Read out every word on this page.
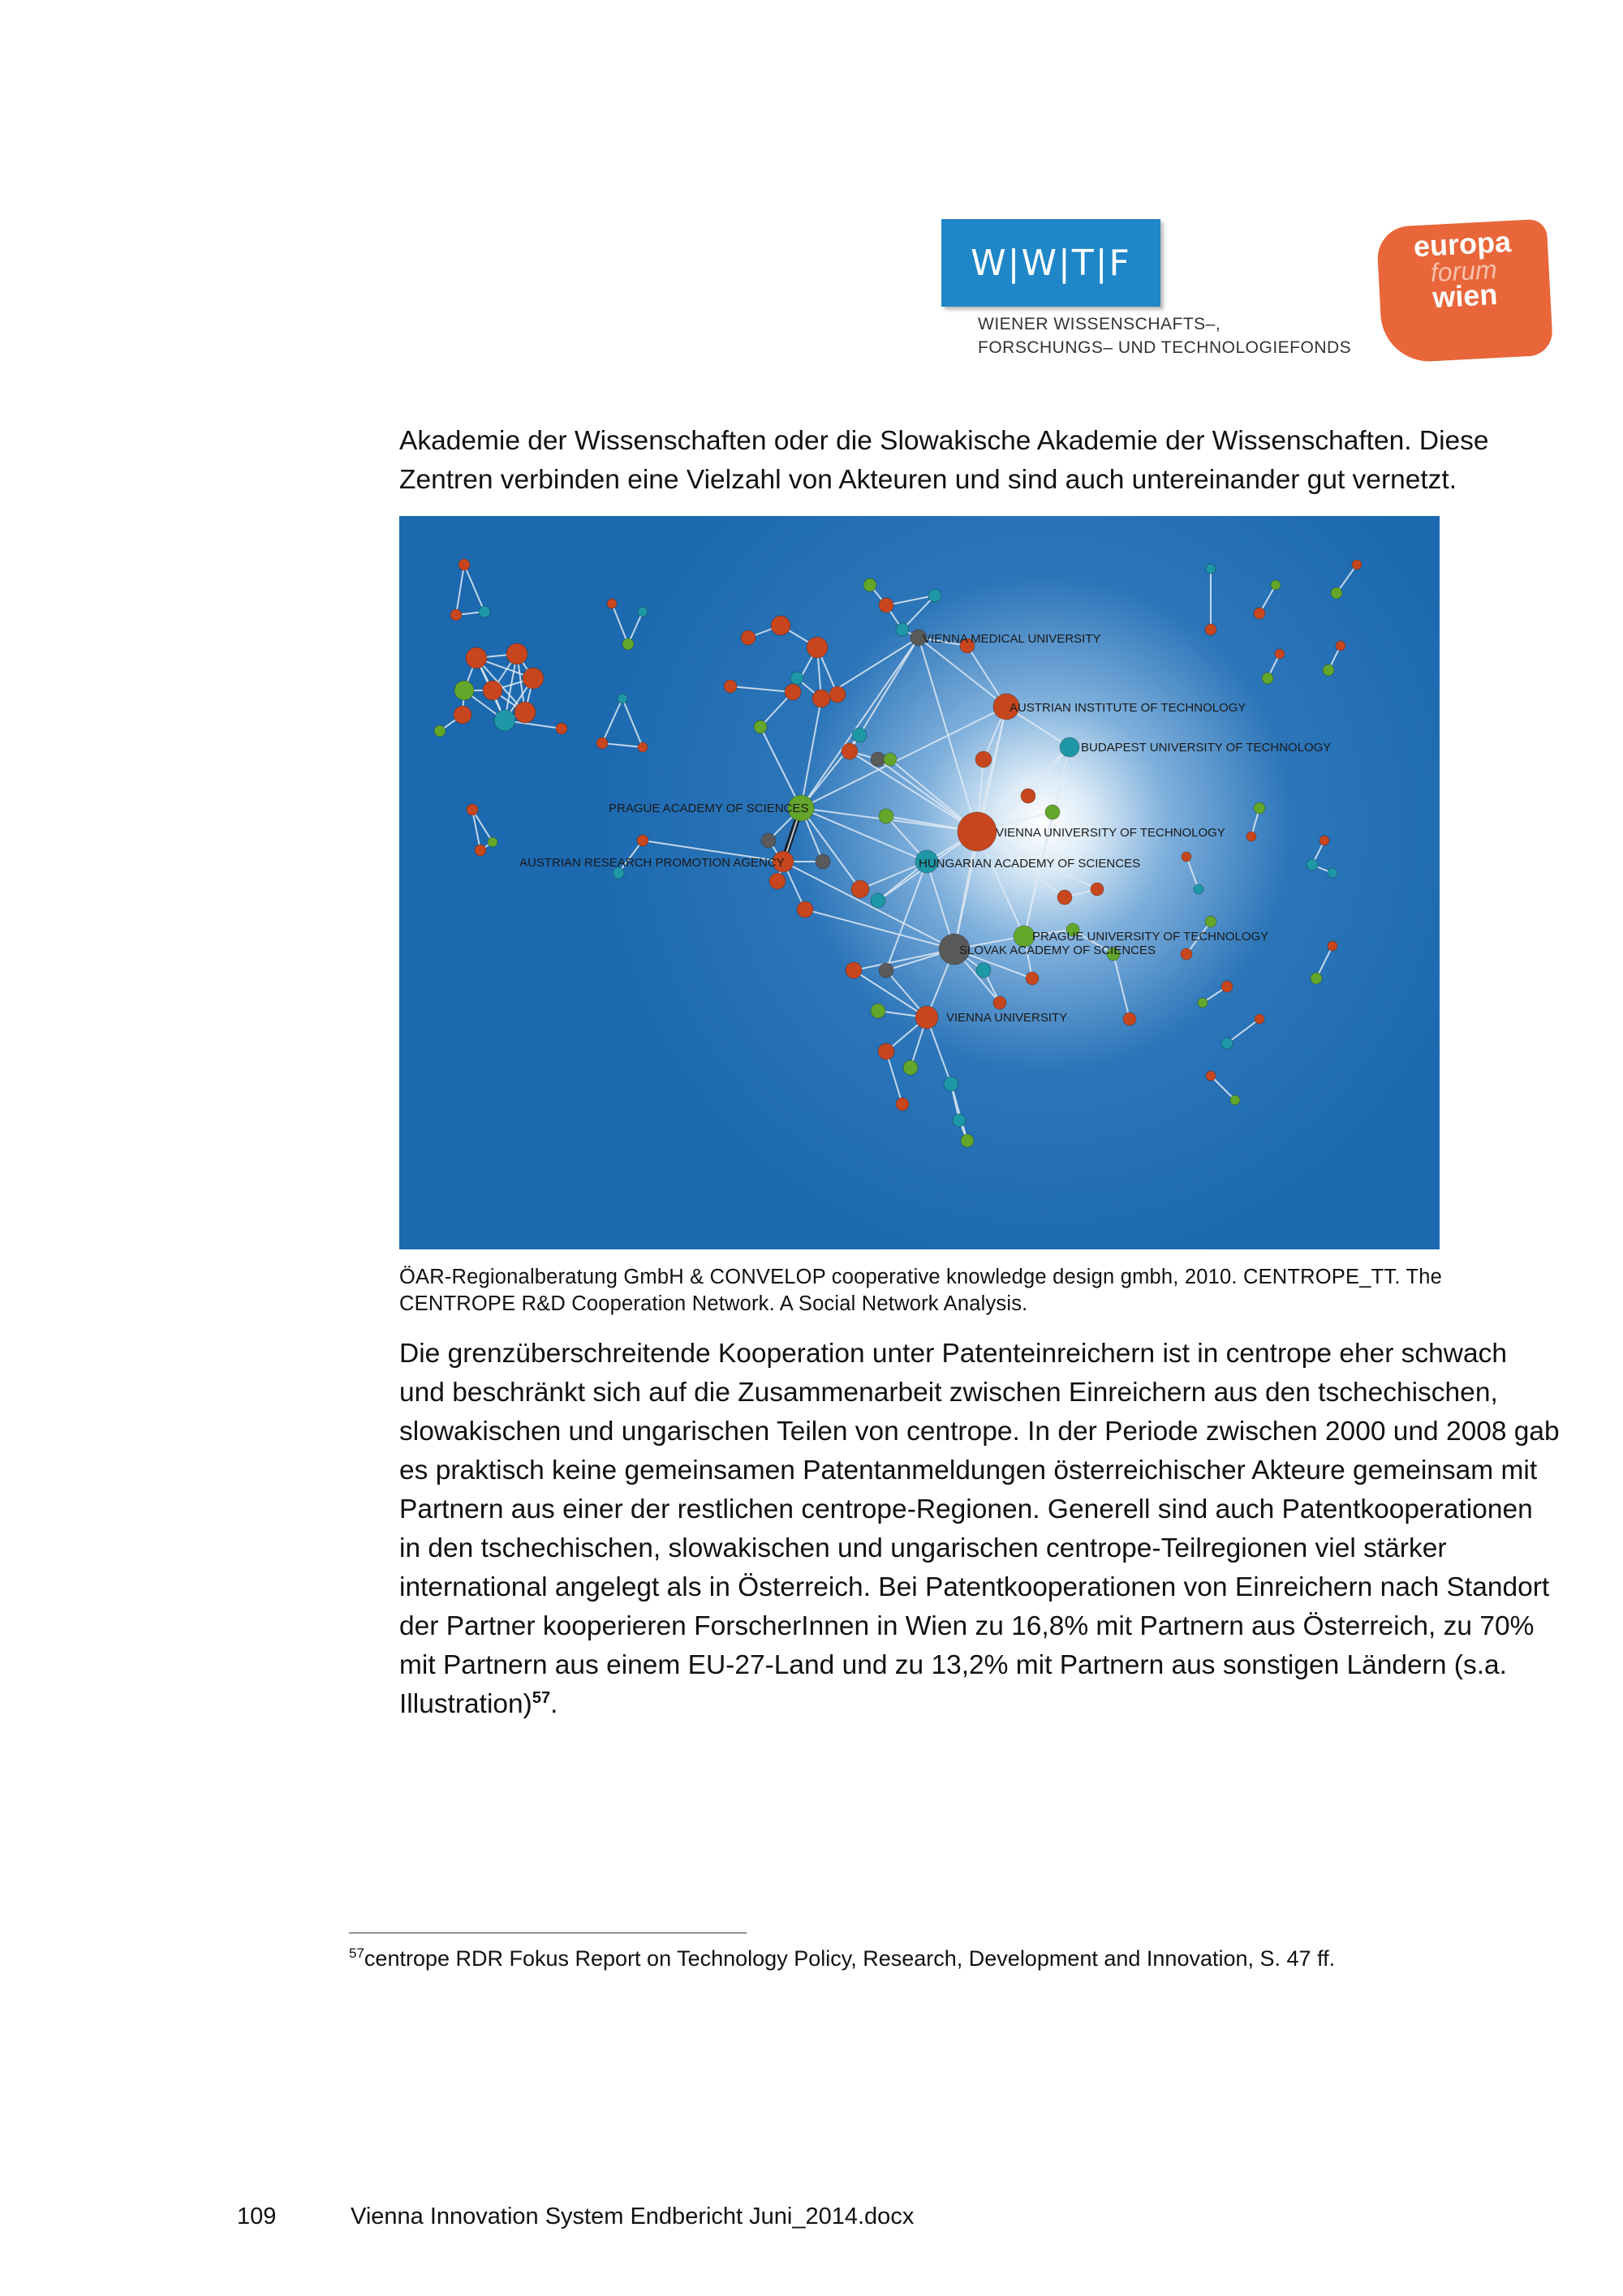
W|W|T|F
WIENER WISSENSCHAFTS–,
FORSCHUNGS– UND TECHNOLOGIEFONDS
europa
forum
wien

Akademie der Wissenschaften oder die Slowakische Akademie der Wissenschaften. Diese Zentren verbinden eine Vielzahl von Akteuren und sind auch untereinander gut vernetzt.

VIENNA MEDICAL UNIVERSITY
AUSTRIAN INSTITUTE OF TECHNOLOGY
BUDAPEST UNIVERSITY OF TECHNOLOGY
PRAGUE ACADEMY OF SCIENCES
AUSTRIAN RESEARCH PROMOTION AGENCY
VIENNA UNIVERSITY OF TECHNOLOGY
HUNGARIAN ACADEMY OF SCIENCES
PRAGUE UNIVERSITY OF TECHNOLOGY
SLOVAK ACADEMY OF SCIENCES
VIENNA UNIVERSITY

ÖAR-Regionalberatung GmbH & CONVELOP cooperative knowledge design gmbh, 2010. CENTROPE_TT. The CENTROPE R&D Cooperation Network. A Social Network Analysis.

Die grenzüberschreitende Kooperation unter Patenteinreichern ist in centrope eher schwach und beschränkt sich auf die Zusammenarbeit zwischen Einreichern aus den tschechischen, slowakischen und ungarischen Teilen von centrope. In der Periode zwischen 2000 und 2008 gab es praktisch keine gemeinsamen Patentanmeldungen österreichischer Akteure gemeinsam mit Partnern aus einer der restlichen centrope-Regionen. Generell sind auch Patentkooperationen in den tschechischen, slowakischen und ungarischen centrope-Teilregionen viel stärker international angelegt als in Österreich. Bei Patentkooperationen von Einreichern nach Standort der Partner kooperieren ForscherInnen in Wien zu 16,8% mit Partnern aus Österreich, zu 70% mit Partnern aus einem EU-27-Land und zu 13,2% mit Partnern aus sonstigen Ländern (s.a. Illustration)$^{57}$.

$^{57}$centrope RDR Fokus Report on Technology Policy, Research, Development and Innovation, S. 47 ff.

109	Vienna Innovation System Endbericht Juni_2014.docx
